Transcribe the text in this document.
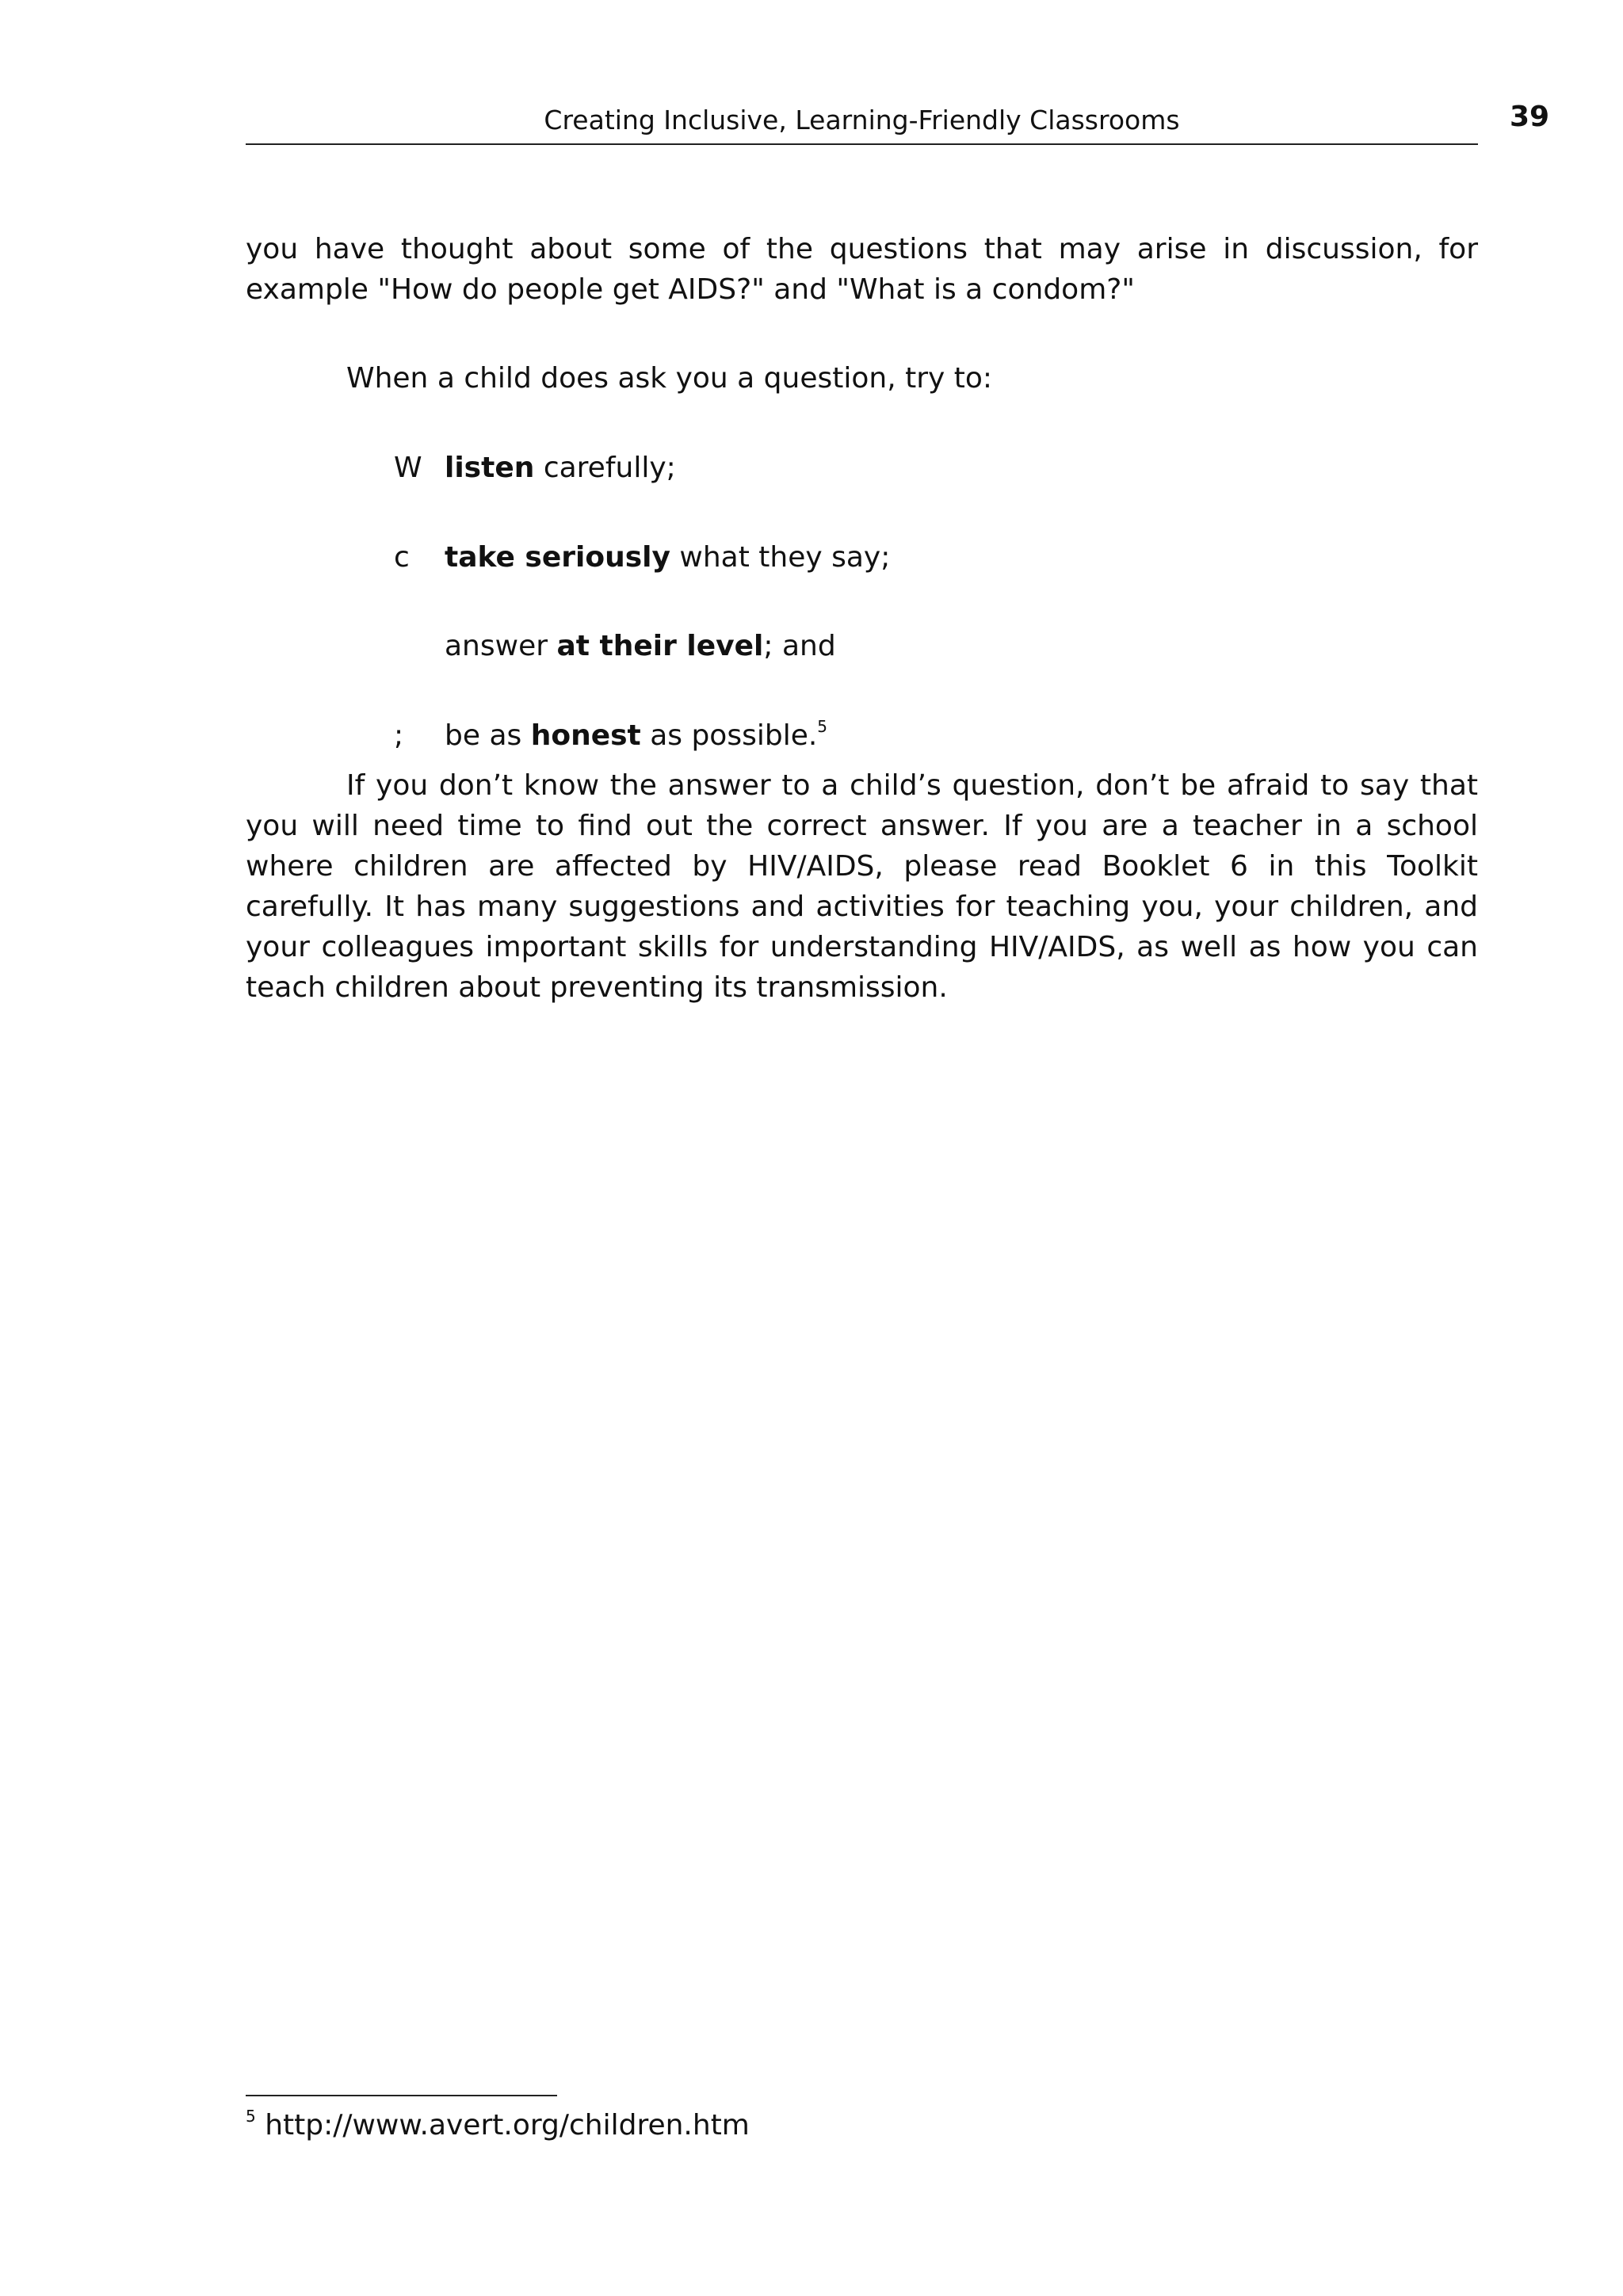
Creating Inclusive, Learning-Friendly Classrooms	39

you have thought about some of the questions that may arise in discussion, for example "How do people get AIDS?" and "What is a condom?"

When a child does ask you a question, try to:
W listen carefully;
c take seriously what they say;
answer at their level; and
; be as honest as possible.$^5$

If you don’t know the answer to a child’s question, don’t be afraid to say that you will need time to find out the correct answer. If you are a teacher in a school where children are affected by HIV/AIDS, please read Booklet 6 in this Toolkit carefully. It has many suggestions and activities for teaching you, your children, and your colleagues important skills for understanding HIV/AIDS, as well as how you can teach children about preventing its transmission.

$^5$ http://www.avert.org/children.htm
